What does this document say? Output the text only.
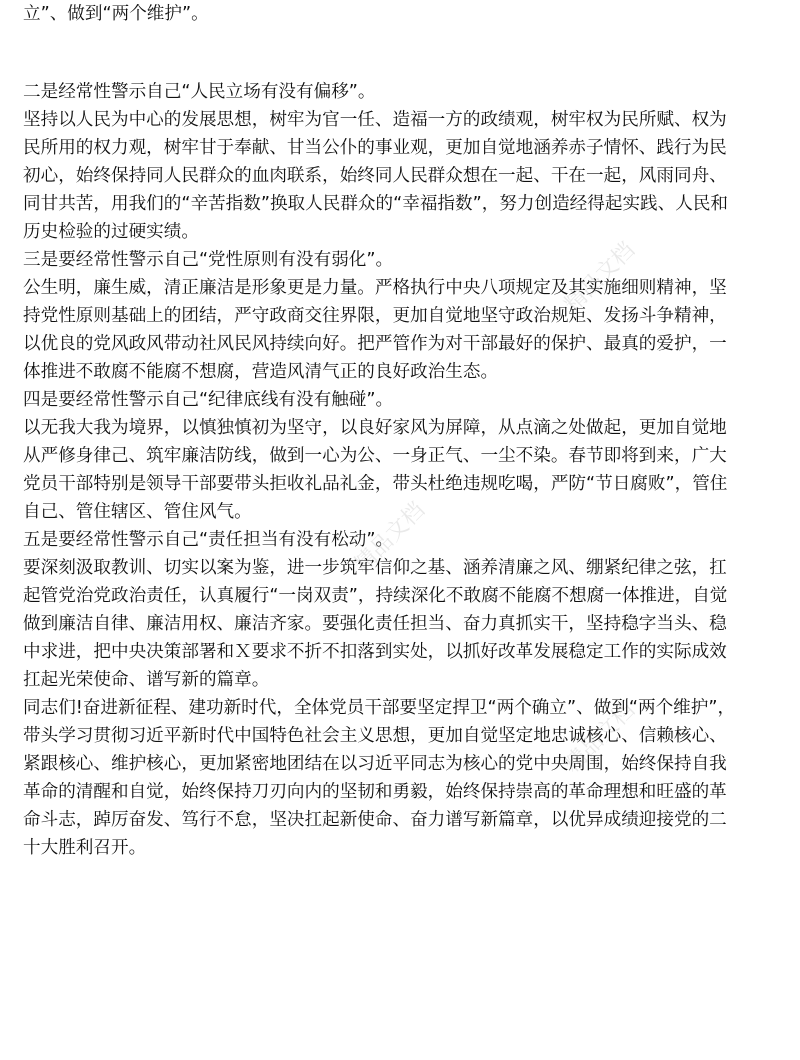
精品文档
精品文档
精品文档
立”、做到“两个维护”。
二是经常性警示自己“人民立场有没有偏移”。
坚持以人民为中心的发展思想，树牢为官一任、造福一方的政绩观，树牢权为民所赋、权为
民所用的权力观，树牢甘于奉献、甘当公仆的事业观，更加自觉地涵养赤子情怀、践行为民
初心，始终保持同人民群众的血肉联系，始终同人民群众想在一起、干在一起，风雨同舟、
同甘共苦，用我们的“辛苦指数”换取人民群众的“幸福指数”，努力创造经得起实践、人民和
历史检验的过硬实绩。
三是要经常性警示自己“党性原则有没有弱化”。
公生明，廉生威，清正廉洁是形象更是力量。严格执行中央八项规定及其实施细则精神，坚
持党性原则基础上的团结，严守政商交往界限，更加自觉地坚守政治规矩、发扬斗争精神，
以优良的党风政风带动社风民风持续向好。把严管作为对干部最好的保护、最真的爱护，一
体推进不敢腐不能腐不想腐，营造风清气正的良好政治生态。
四是要经常性警示自己“纪律底线有没有触碰”。
以无我大我为境界，以慎独慎初为坚守，以良好家风为屏障，从点滴之处做起，更加自觉地
从严修身律己、筑牢廉洁防线，做到一心为公、一身正气、一尘不染。春节即将到来，广大
党员干部特别是领导干部要带头拒收礼品礼金，带头杜绝违规吃喝，严防“节日腐败”，管住
自己、管住辖区、管住风气。
五是要经常性警示自己“责任担当有没有松动”。
要深刻汲取教训、切实以案为鉴，进一步筑牢信仰之基、涵养清廉之风、绷紧纪律之弦，扛
起管党治党政治责任，认真履行“一岗双责”，持续深化不敢腐不能腐不想腐一体推进，自觉
做到廉洁自律、廉洁用权、廉洁齐家。要强化责任担当、奋力真抓实干，坚持稳字当头、稳
中求进，把中央决策部署和Ｘ要求不折不扣落到实处，以抓好改革发展稳定工作的实际成效
扛起光荣使命、谱写新的篇章。
同志们!奋进新征程、建功新时代，全体党员干部要坚定捍卫“两个确立”、做到“两个维护”，
带头学习贯彻习近平新时代中国特色社会主义思想，更加自觉坚定地忠诚核心、信赖核心、
紧跟核心、维护核心，更加紧密地团结在以习近平同志为核心的党中央周围，始终保持自我
革命的清醒和自觉，始终保持刀刃向内的坚韧和勇毅，始终保持崇高的革命理想和旺盛的革
命斗志，踔厉奋发、笃行不怠，坚决扛起新使命、奋力谱写新篇章，以优异成绩迎接党的二
十大胜利召开。
